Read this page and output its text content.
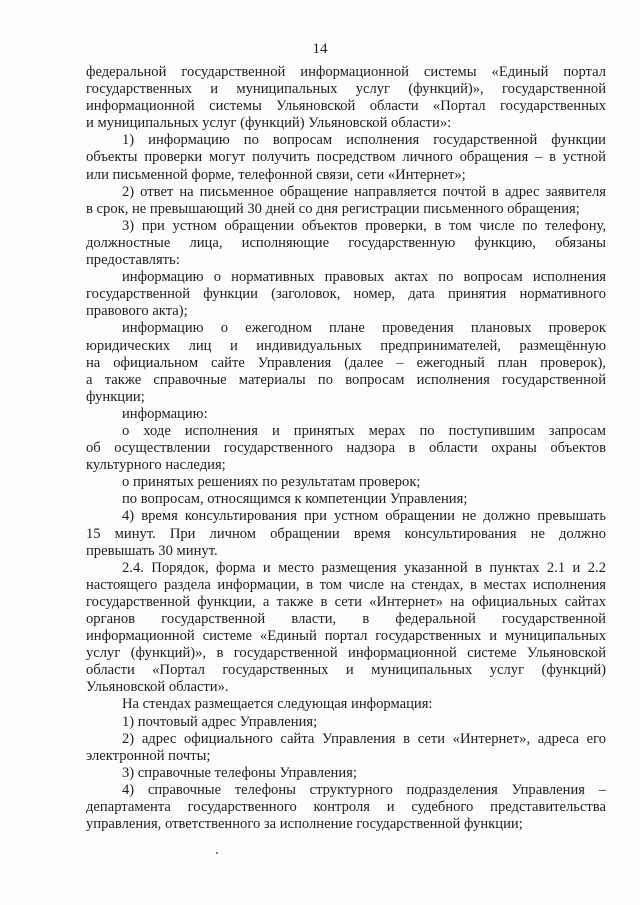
14
федеральной государственной информационной системы «Единый портал
государственных и муниципальных услуг (функций)», государственной
информационной системы Ульяновской области «Портал государственных
и муниципальных услуг (функций) Ульяновской области»:
1) информацию по вопросам исполнения государственной функции
объекты проверки могут получить посредством личного обращения – в устной
или письменной форме, телефонной связи, сети «Интернет»;
2) ответ на письменное обращение направляется почтой в адрес заявителя
в срок, не превышающий 30 дней со дня регистрации письменного обращения;
3) при устном обращении объектов проверки, в том числе по телефону,
должностные лица, исполняющие государственную функцию, обязаны
предоставлять:
информацию о нормативных правовых актах по вопросам исполнения
государственной функции (заголовок, номер, дата принятия нормативного
правового акта);
информацию о ежегодном плане проведения плановых проверок
юридических лиц и индивидуальных предпринимателей, размещённую
на официальном сайте Управления (далее – ежегодный план проверок),
а также справочные материалы по вопросам исполнения государственной
функции;
информацию:
о ходе исполнения и принятых мерах по поступившим запросам
об осуществлении государственного надзора в области охраны объектов
культурного наследия;
о принятых решениях по результатам проверок;
по вопросам, относящимся к компетенции Управления;
4) время консультирования при устном обращении не должно превышать
15 минут. При личном обращении время консультирования не должно
превышать 30 минут.
2.4. Порядок, форма и место размещения указанной в пунктах 2.1 и 2.2
настоящего раздела информации, в том числе на стендах, в местах исполнения
государственной функции, а также в сети «Интернет» на официальных сайтах
органов государственной власти, в федеральной государственной
информационной системе «Единый портал государственных и муниципальных
услуг (функций)», в государственной информационной системе Ульяновской
области «Портал государственных и муниципальных услуг (функций)
Ульяновской области».
На стендах размещается следующая информация:
1) почтовый адрес Управления;
2) адрес официального сайта Управления в сети «Интернет», адреса его
электронной почты;
3) справочные телефоны Управления;
4) справочные телефоны структурного подразделения Управления –
департамента государственного контроля и судебного представительства
управления, ответственного за исполнение государственной функции;
